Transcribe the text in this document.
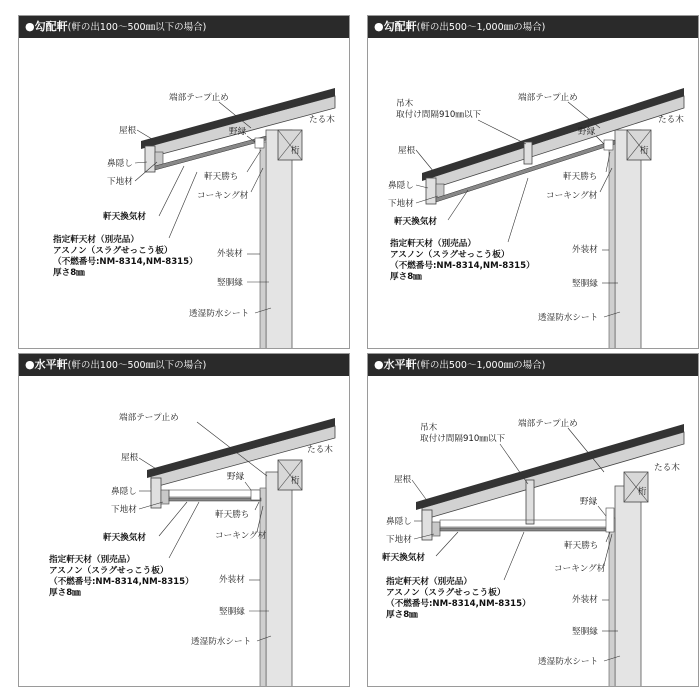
●勾配軒(軒の出100～500㎜以下の場合)
端部テープ止め
たる木
屋根	野縁
桁
鼻隠し
下地材	軒天勝ち
コーキング材
軒天換気材
指定軒天材（別売品）
アスノン（スラグせっこう板）
（不燃番号:NM-8314,NM-8315）
厚さ8㎜
外装材
竪胴縁
透湿防水シート
●勾配軒(軒の出500～1,000㎜の場合)
端部テープ止め
吊木
取付け間隔910㎜以下	たる木
屋根
野縁
桁
鼻隠し
下地材
軒天勝ち
コーキング材
軒天換気材
指定軒天材（別売品）
アスノン（スラグせっこう板）
（不燃番号:NM-8314,NM-8315）
厚さ8㎜
外装材
竪胴縁
透湿防水シート
●水平軒(軒の出100～500㎜以下の場合)
端部テープ止め
たる木
屋根
野縁	桁
鼻隠し
下地材	軒天勝ち
コーキング材
軒天換気材
指定軒天材（別売品）
アスノン（スラグせっこう板）
（不燃番号:NM-8314,NM-8315）
厚さ8㎜
外装材
竪胴縁
透湿防水シート
●水平軒(軒の出500～1,000㎜の場合)
端部テープ止め
吊木
取付け間隔910㎜以下
たる木
屋根
野縁
桁
鼻隠し
下地材
軒天勝ち
コーキング材
軒天換気材
指定軒天材（別売品）
アスノン（スラグせっこう板）
（不燃番号:NM-8314,NM-8315）
厚さ8㎜
外装材
竪胴縁
透湿防水シート
